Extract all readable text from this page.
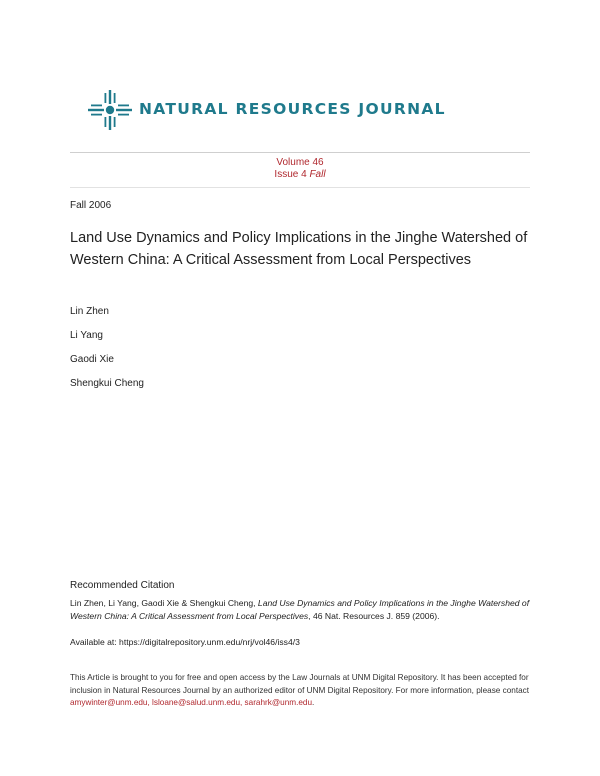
NATURAL RESOURCES JOURNAL
Volume 46
Issue 4 Fall
Fall 2006
Land Use Dynamics and Policy Implications in the Jinghe Watershed of Western China: A Critical Assessment from Local Perspectives
Lin Zhen
Li Yang
Gaodi Xie
Shengkui Cheng
Recommended Citation
Lin Zhen, Li Yang, Gaodi Xie & Shengkui Cheng, Land Use Dynamics and Policy Implications in the Jinghe Watershed of Western China: A Critical Assessment from Local Perspectives, 46 Nat. Resources J. 859 (2006).
Available at: https://digitalrepository.unm.edu/nrj/vol46/iss4/3
This Article is brought to you for free and open access by the Law Journals at UNM Digital Repository. It has been accepted for inclusion in Natural Resources Journal by an authorized editor of UNM Digital Repository. For more information, please contact amywinter@unm.edu, lsloane@salud.unm.edu, sarahrk@unm.edu.
